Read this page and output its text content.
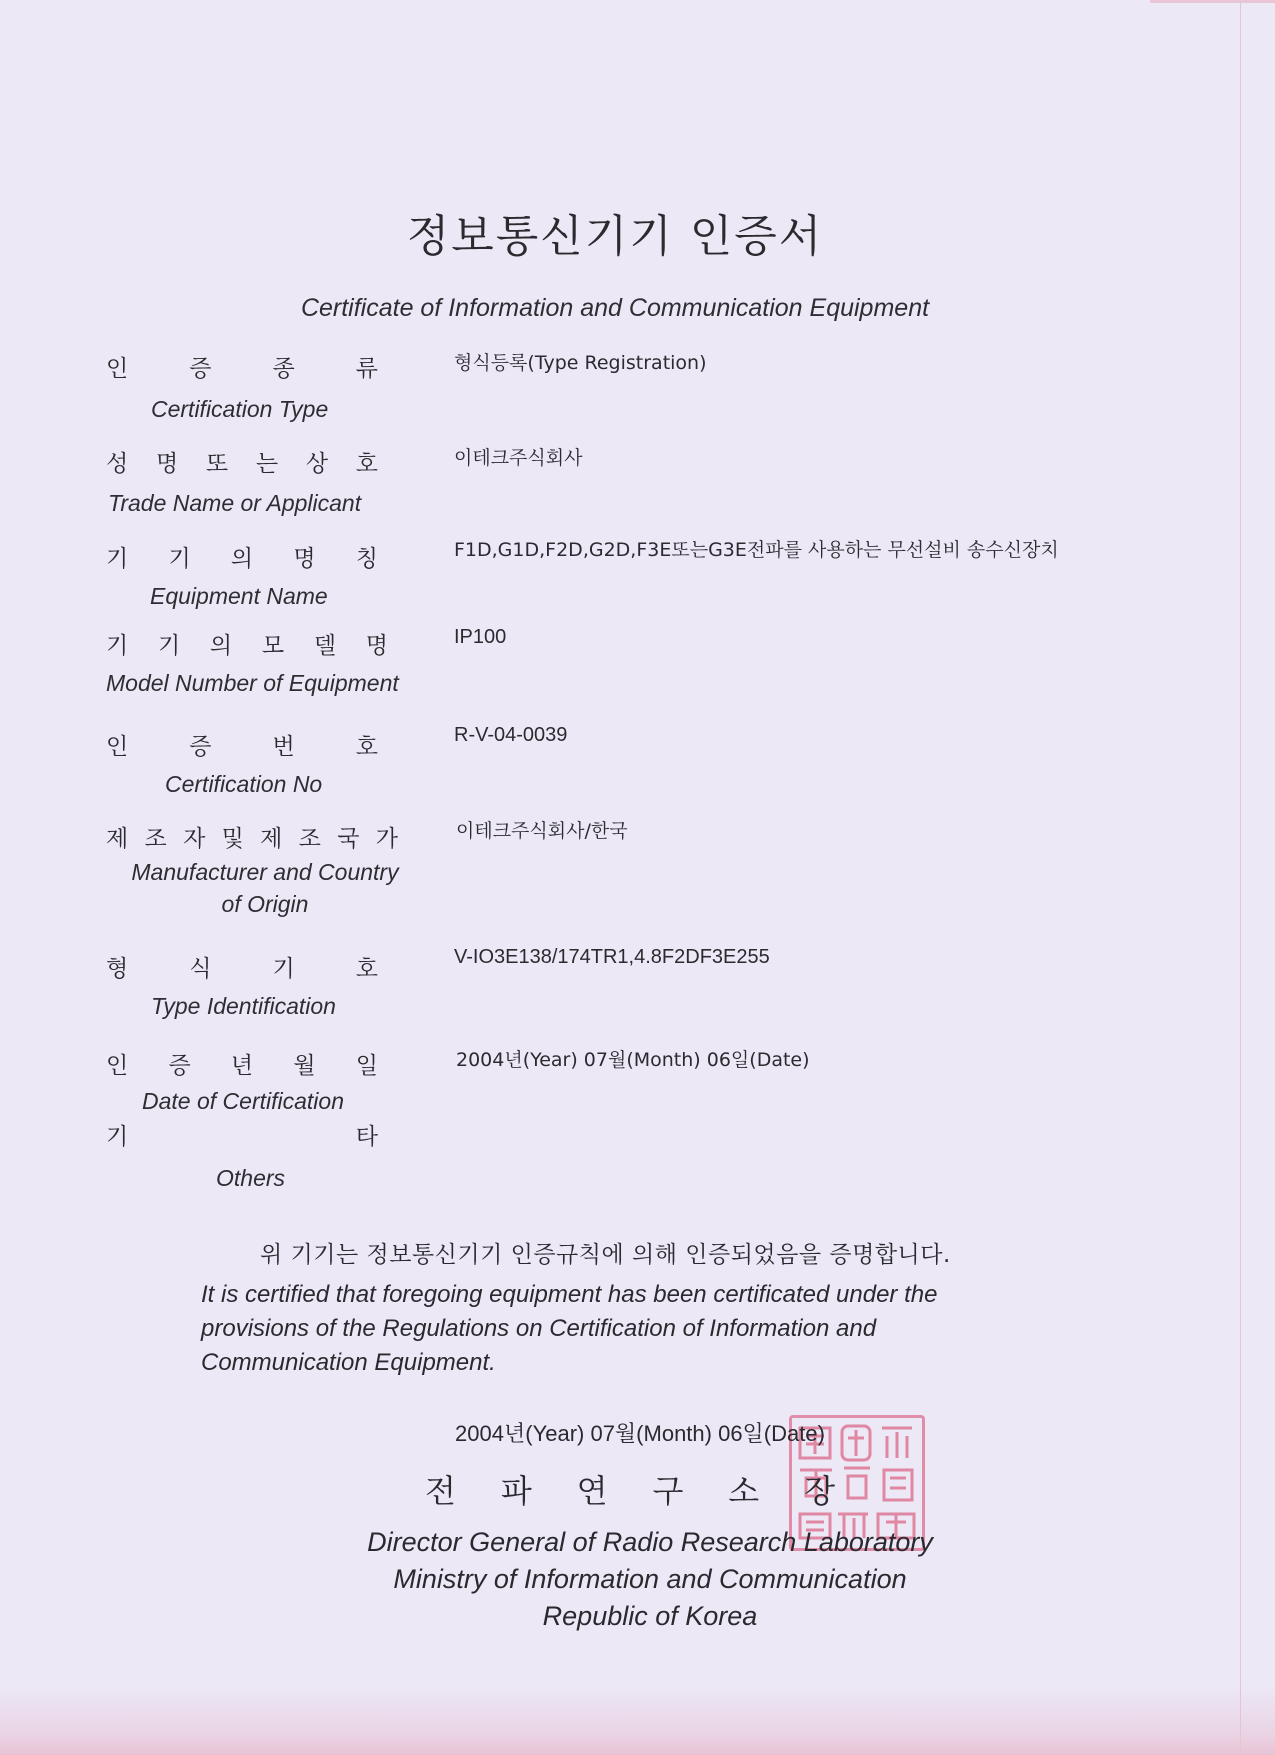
정보통신기기 인증서
Certificate of Information and Communication Equipment
인	증	종	류
Certification Type
형식등록(Type Registration)
성 명 또 는 상 호
Trade Name or Applicant
이테크주식회사
기 기 의 명 칭
Equipment Name
F1D,G1D,F2D,G2D,F3E또는G3E전파를 사용하는 무선설비 송수신장치
기 기 의 모 델 명
Model Number of Equipment
IP100
인	증	번	호
Certification No
R-V-04-0039
제 조 자 및 제 조 국 가
Manufacturer and Country
of Origin
이테크주식회사/한국
형	식	기	호
Type Identification
V-IO3E138/174TR1,4.8F2DF3E255
인 증 년 월 일
Date of Certification
2004년(Year) 07월(Month) 06일(Date)
기	타
Others
위 기기는 정보통신기기 인증규칙에 의해 인증되었음을 증명합니다.
It is certified that foregoing equipment has been certificated under the provisions of the Regulations on Certification of Information and Communication Equipment.
2004년(Year) 07월(Month) 06일(Date)
전 파 연 구 소 장
Director General of Radio Research Laboratory
Ministry of Information and Communication
Republic of Korea
